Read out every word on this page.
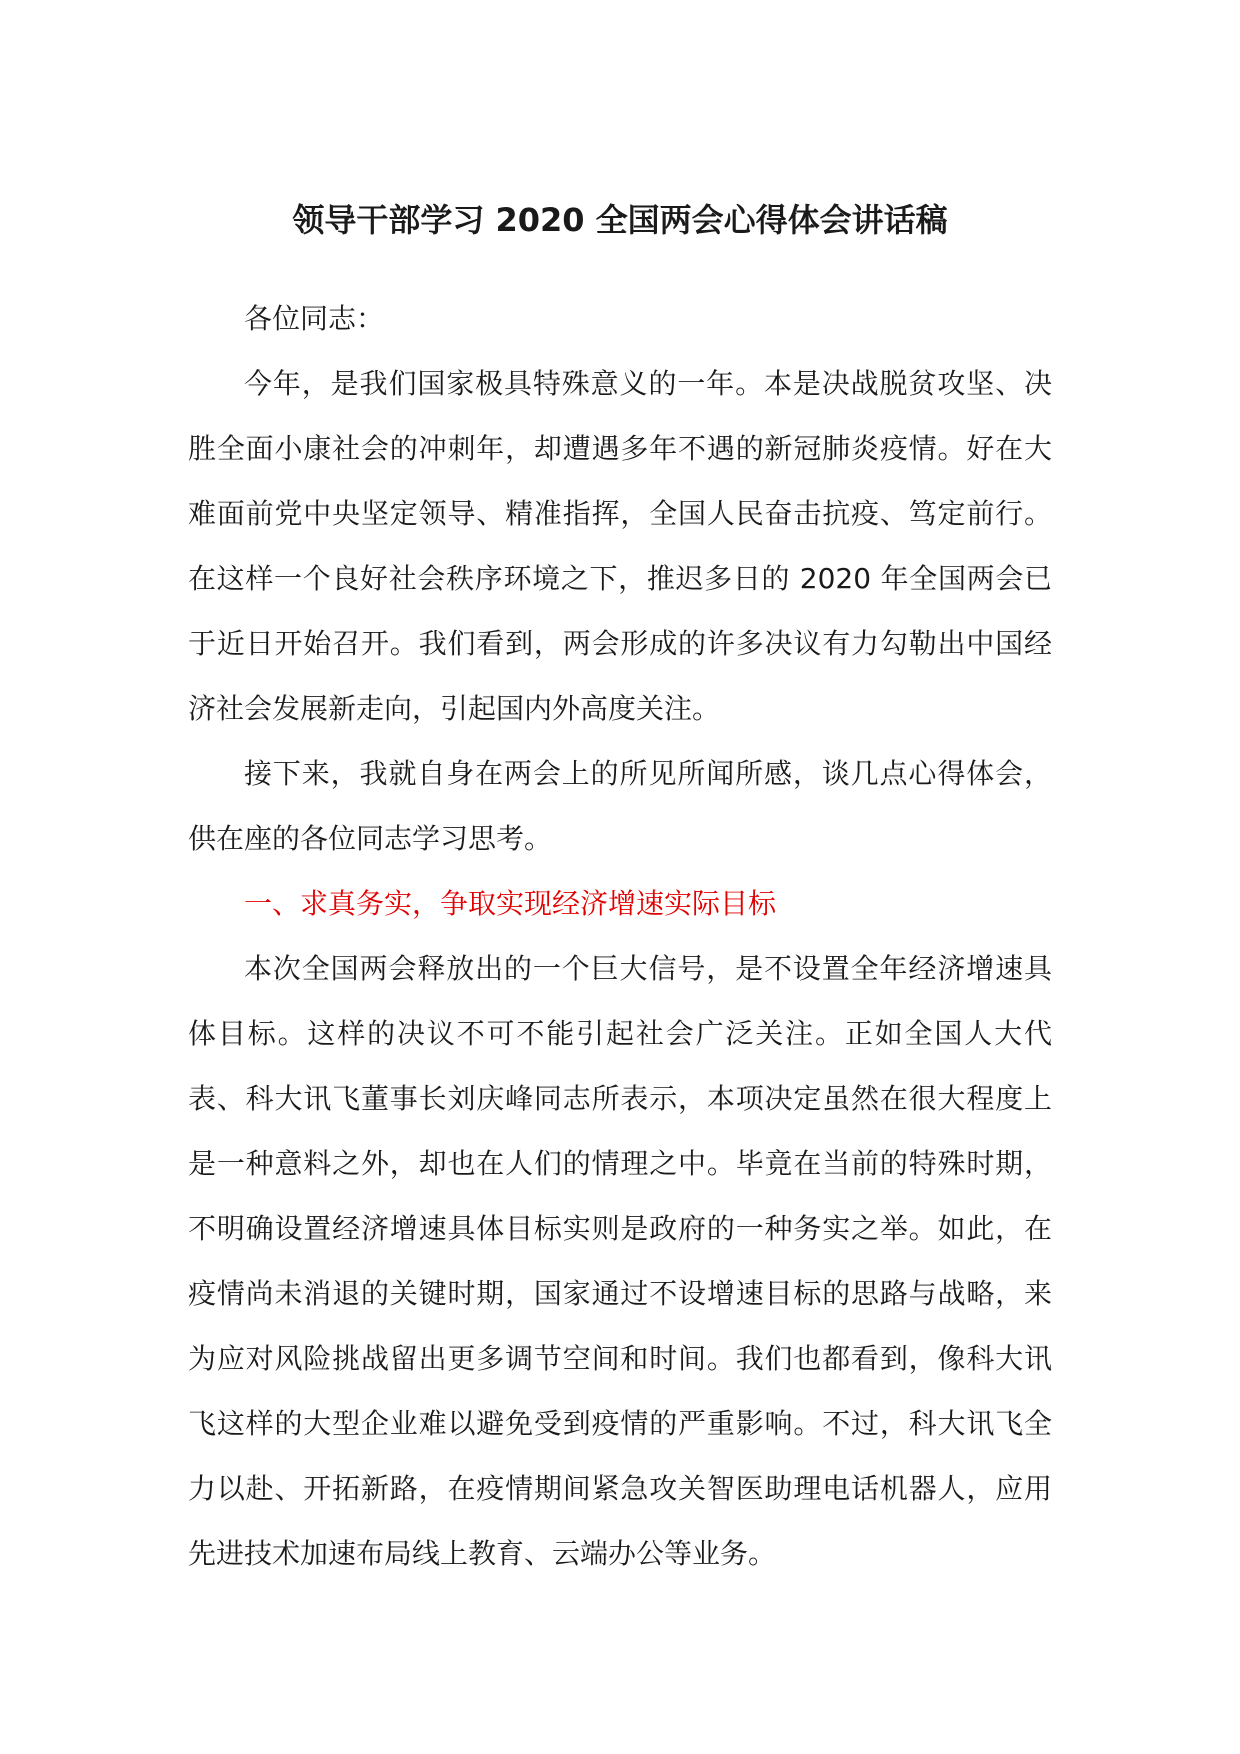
领导干部学习 2020 全国两会心得体会讲话稿

各位同志：

今年，是我们国家极具特殊意义的一年。本是决战脱贫攻坚、决胜全面小康社会的冲刺年，却遭遇多年不遇的新冠肺炎疫情。好在大难面前党中央坚定领导、精准指挥，全国人民奋击抗疫、笃定前行。在这样一个良好社会秩序环境之下，推迟多日的 2020 年全国两会已于近日开始召开。我们看到，两会形成的许多决议有力勾勒出中国经济社会发展新走向，引起国内外高度关注。

接下来，我就自身在两会上的所见所闻所感，谈几点心得体会，供在座的各位同志学习思考。

一、求真务实，争取实现经济增速实际目标

本次全国两会释放出的一个巨大信号，是不设置全年经济增速具体目标。这样的决议不可不能引起社会广泛关注。正如全国人大代表、科大讯飞董事长刘庆峰同志所表示，本项决定虽然在很大程度上是一种意料之外，却也在人们的情理之中。毕竟在当前的特殊时期，不明确设置经济增速具体目标实则是政府的一种务实之举。如此，在疫情尚未消退的关键时期，国家通过不设增速目标的思路与战略，来为应对风险挑战留出更多调节空间和时间。我们也都看到，像科大讯飞这样的大型企业难以避免受到疫情的严重影响。不过，科大讯飞全力以赴、开拓新路，在疫情期间紧急攻关智医助理电话机器人，应用先进技术加速布局线上教育、云端办公等业务。
